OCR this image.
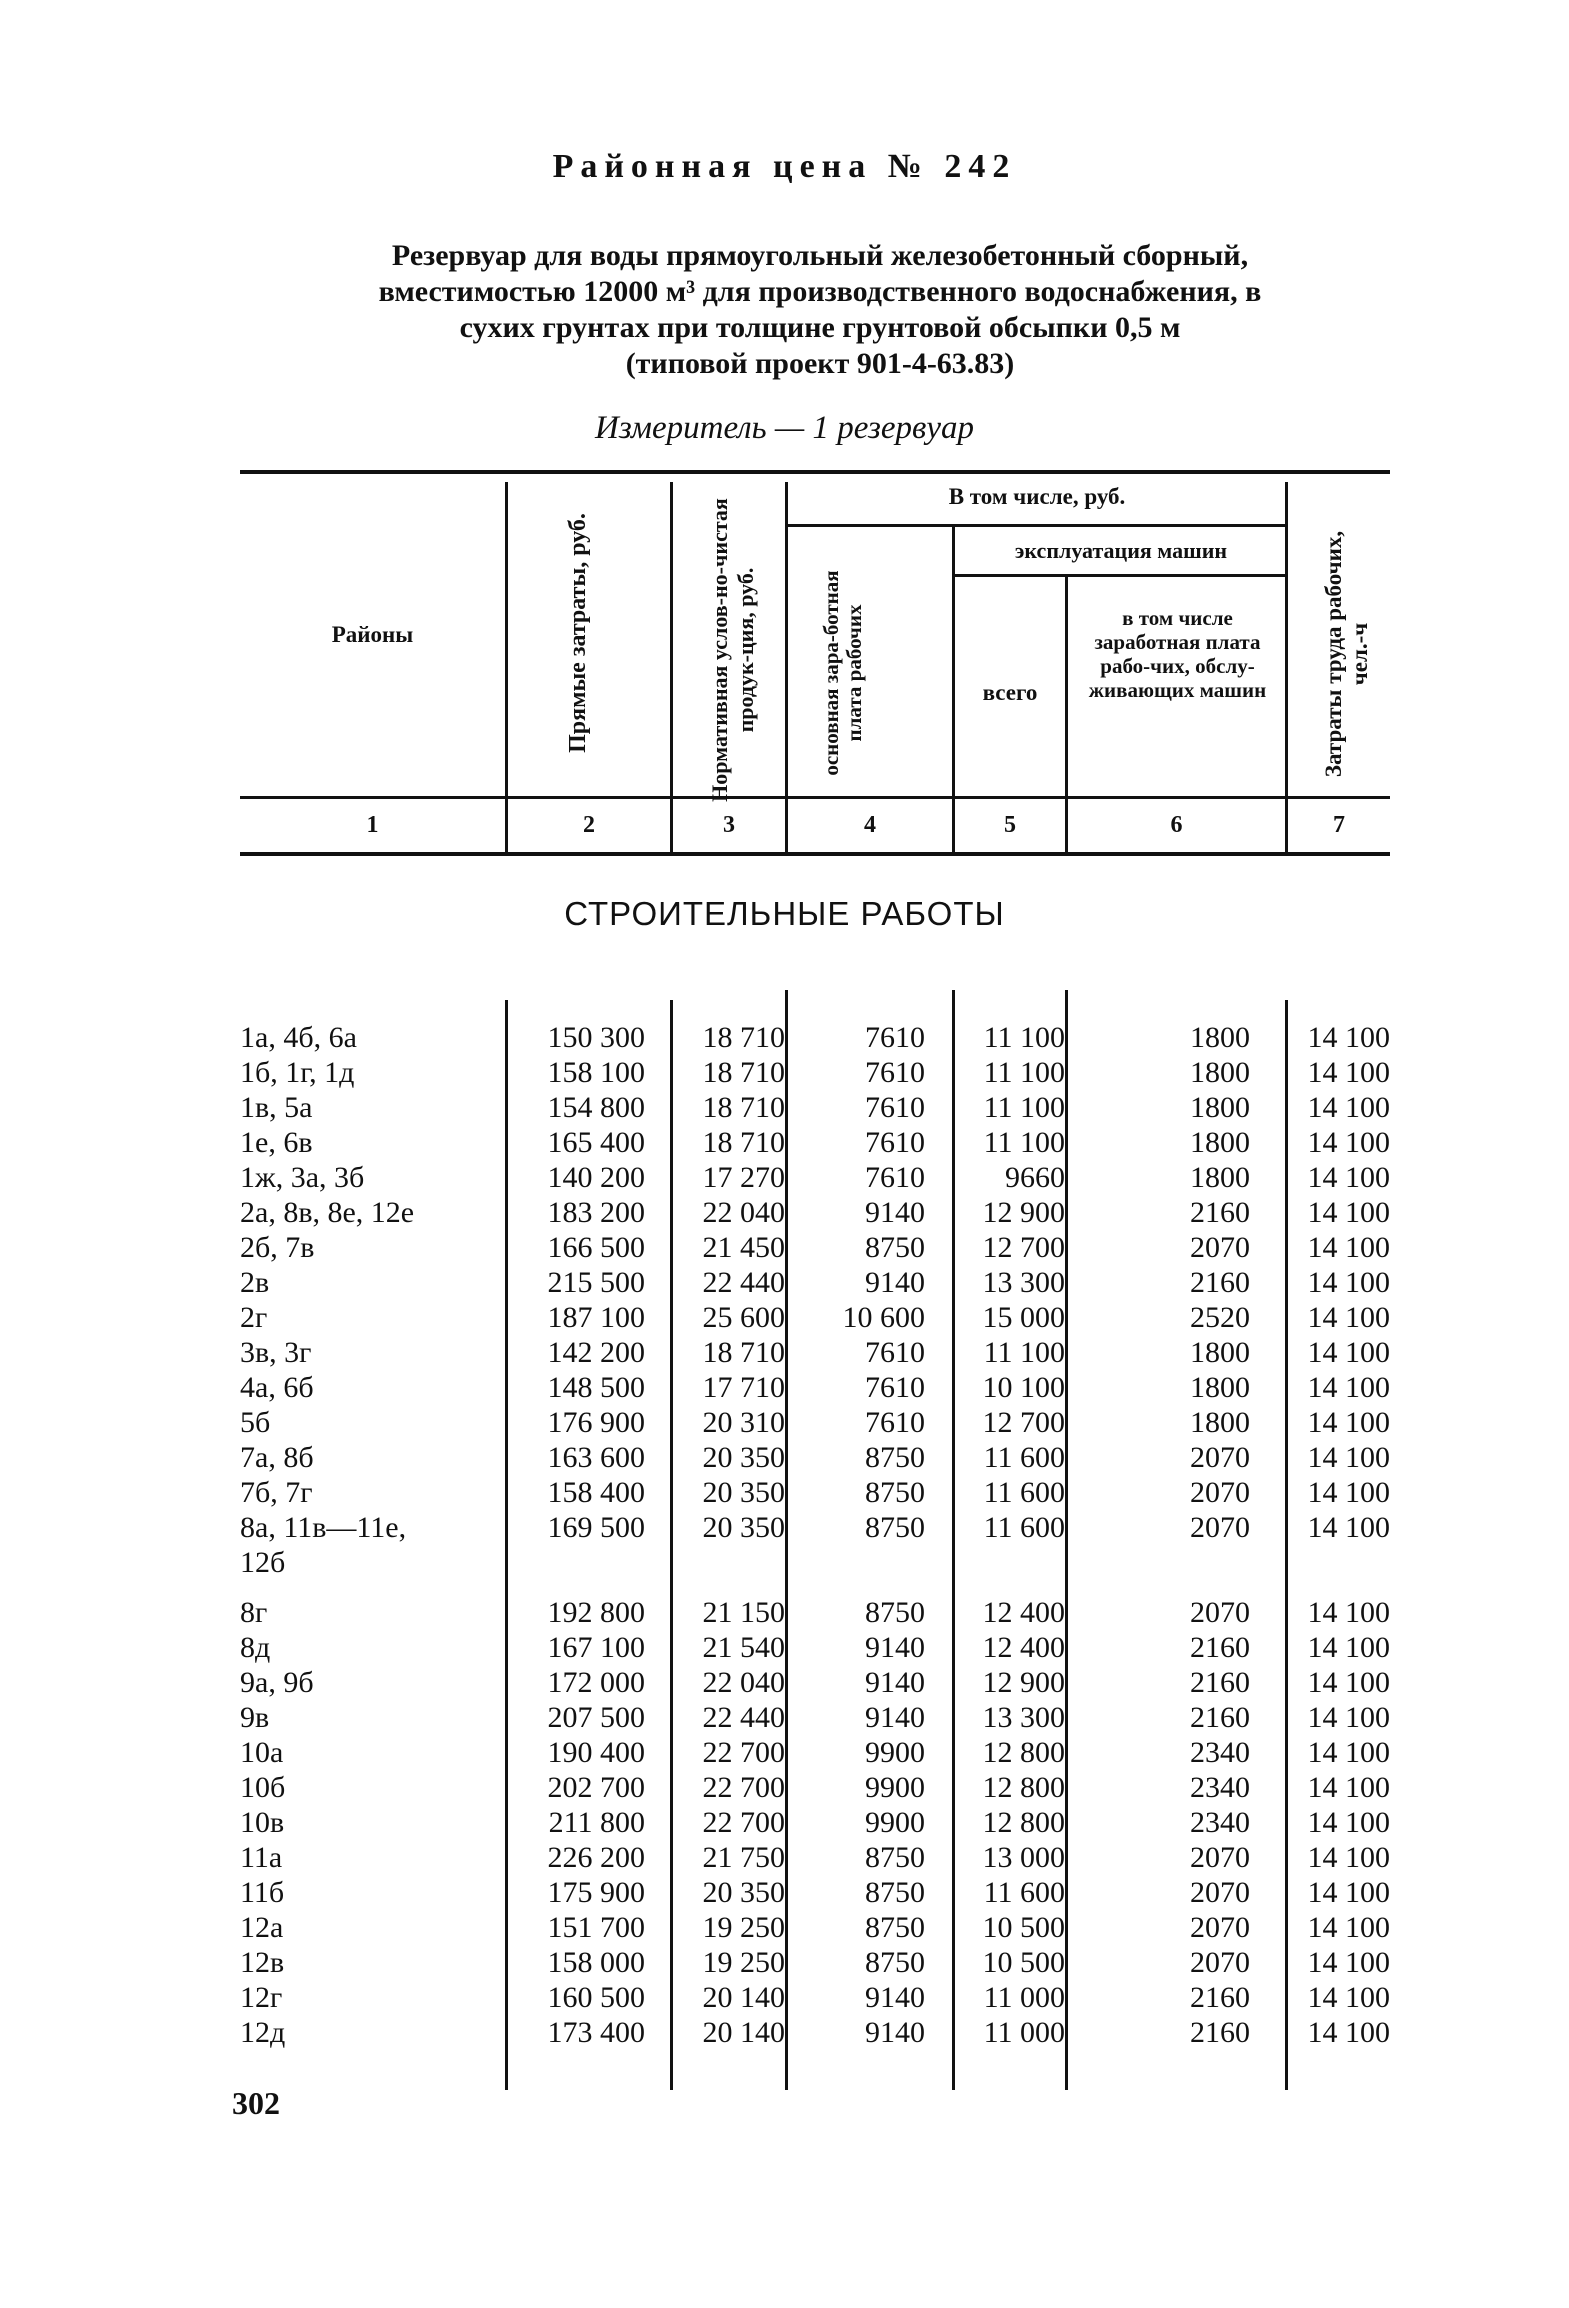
Районная цена № 242
Резервуар для воды прямоугольный железобетонный сборный,
вместимостью 12000 м³ для производственного водоснабжения, в
сухих грунтах при толщине грунтовой обсыпки 0,5 м
(типовой проект 901-4-63.83)
Измеритель — 1 резервуар
Районы	Прямые затраты, руб.	Нормативная услов-но-чистая продук-ция, руб.
В том числе, руб.
основная зара-ботная плата рабочих
эксплуатация машин
всего
в том числе заработная плата рабо-чих, обслу-живающих машин	Затраты труда рабочих, чел.-ч
1	2	3	4	5	6	7
СТРОИТЕЛЬНЫЕ РАБОТЫ
1а, 4б, 6а	150 300	18 710	7610	11 100	1800	14 100
1б, 1г, 1д	158 100	18 710	7610	11 100	1800	14 100
1в, 5а	154 800	18 710	7610	11 100	1800	14 100
1е, 6в	165 400	18 710	7610	11 100	1800	14 100
1ж, 3а, 3б	140 200	17 270	7610	9660	1800	14 100
2а, 8в, 8е, 12е	183 200	22 040	9140	12 900	2160	14 100
2б, 7в	166 500	21 450	8750	12 700	2070	14 100
2в	215 500	22 440	9140	13 300	2160	14 100
2г	187 100	25 600	10 600	15 000	2520	14 100
3в, 3г	142 200	18 710	7610	11 100	1800	14 100
4а, 6б	148 500	17 710	7610	10 100	1800	14 100
5б	176 900	20 310	7610	12 700	1800	14 100
7а, 8б	163 600	20 350	8750	11 600	2070	14 100
7б, 7г	158 400	20 350	8750	11 600	2070	14 100
8а, 11в—11е,	169 500	20 350	8750	11 600	2070	14 100
12б
8г	192 800	21 150	8750	12 400	2070	14 100
8д	167 100	21 540	9140	12 400	2160	14 100
9а, 9б	172 000	22 040	9140	12 900	2160	14 100
9в	207 500	22 440	9140	13 300	2160	14 100
10а	190 400	22 700	9900	12 800	2340	14 100
10б	202 700	22 700	9900	12 800	2340	14 100
10в	211 800	22 700	9900	12 800	2340	14 100
11а	226 200	21 750	8750	13 000	2070	14 100
11б	175 900	20 350	8750	11 600	2070	14 100
12а	151 700	19 250	8750	10 500	2070	14 100
12в	158 000	19 250	8750	10 500	2070	14 100
12г	160 500	20 140	9140	11 000	2160	14 100
12д	173 400	20 140	9140	11 000	2160	14 100
302
